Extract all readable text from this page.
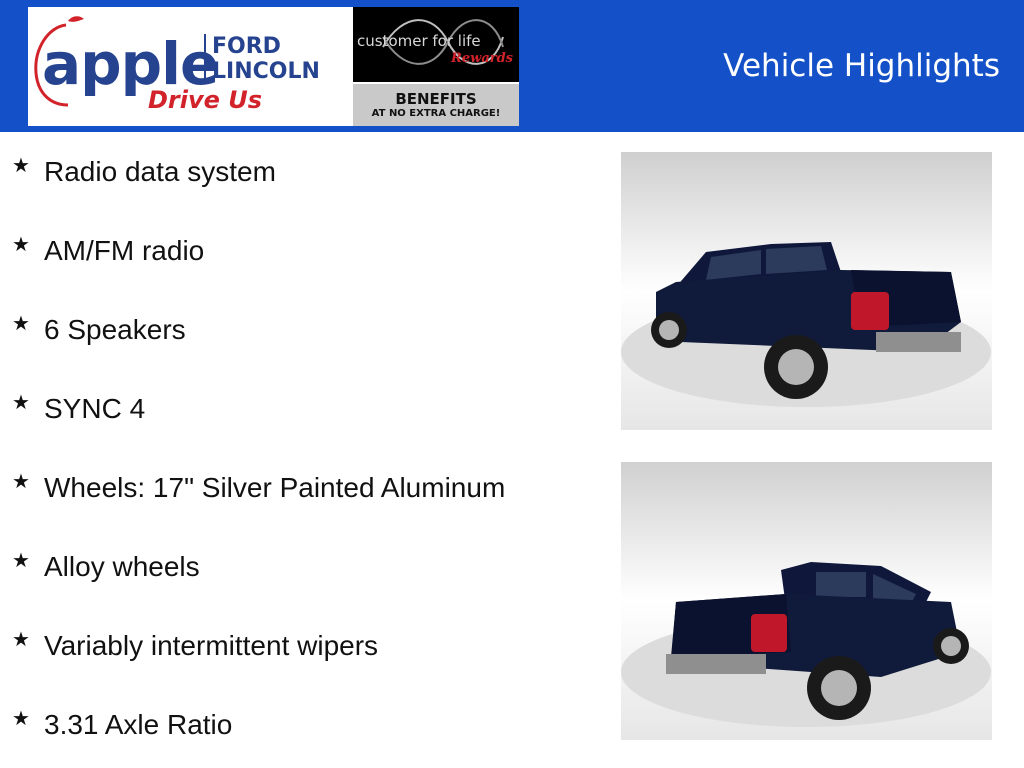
apple
FORD
LINCOLN
Drive Us
customer for life
Rewards
BENEFITS
AT NO EXTRA CHARGE!
Vehicle Highlights
★ Radio data system
★ AM/FM radio
★ 6 Speakers
★ SYNC 4
★ Wheels: 17" Silver Painted Aluminum
★ Alloy wheels
★ Variably intermittent wipers
★ 3.31 Axle Ratio
